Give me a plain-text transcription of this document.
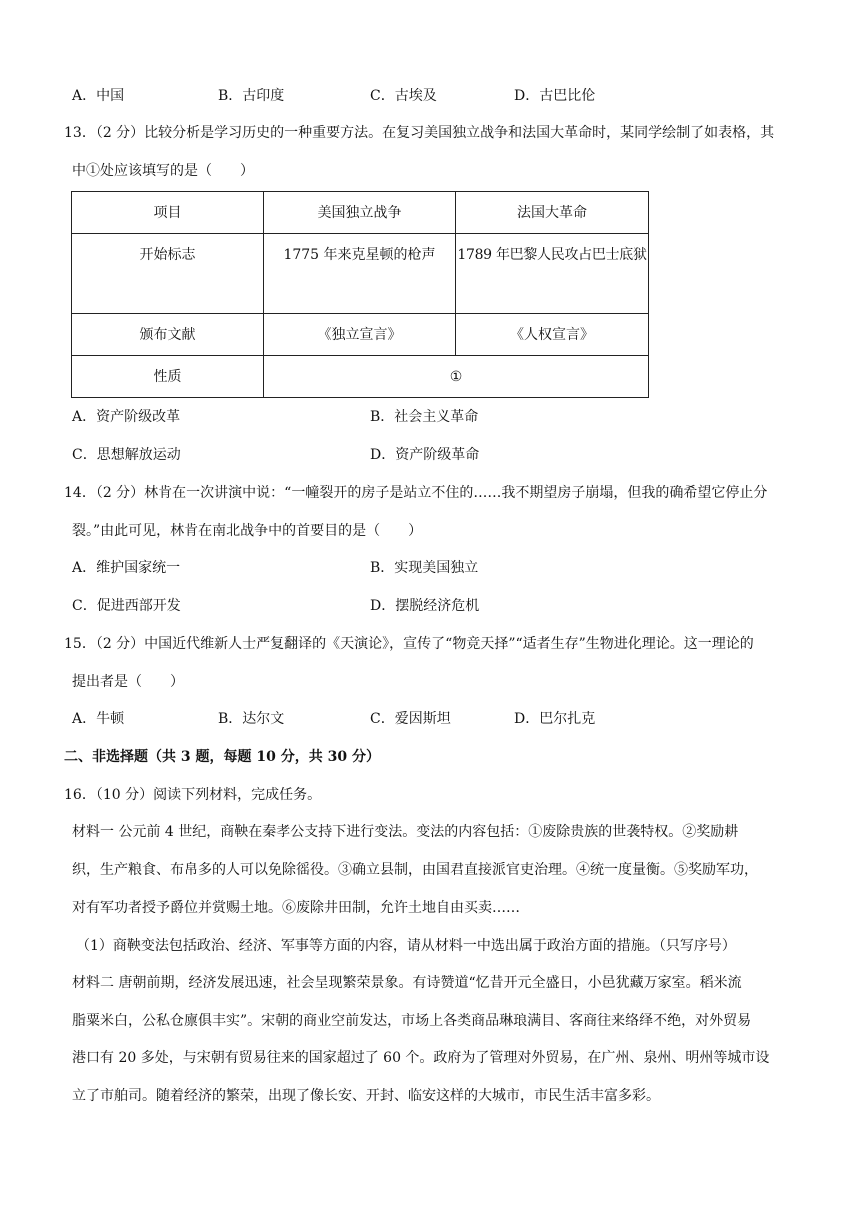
A．中国	B．古印度	C．古埃及	D．古巴比伦
13．（2 分）比较分析是学习历史的一种重要方法。在复习美国独立战争和法国大革命时，某同学绘制了如表格，其
中①处应该填写的是（　　）
项目	美国独立战争	法国大革命
开始标志	1775 年来克星顿的枪声	1789 年巴黎人民攻占巴士底狱
颁布文献	《独立宣言》	《人权宣言》
性质	①	
A．资产阶级改革	B．社会主义革命
C．思想解放运动	D．资产阶级革命
14．（2 分）林肯在一次讲演中说：“一幢裂开的房子是站立不住的……我不期望房子崩塌，但我的确希望它停止分
裂。”由此可见，林肯在南北战争中的首要目的是（　　）
A．维护国家统一	B．实现美国独立
C．促进西部开发	D．摆脱经济危机
15．（2 分）中国近代维新人士严复翻译的《天演论》，宣传了“物竞天择”“适者生存”生物进化理论。这一理论的
提出者是（　　）
A．牛顿	B．达尔文	C．爱因斯坦	D．巴尔扎克
二、非选择题（共 3 题，每题 10 分，共 30 分）
16．（10 分）阅读下列材料，完成任务。
材料一 公元前 4 世纪，商鞅在秦孝公支持下进行变法。变法的内容包括：①废除贵族的世袭特权。②奖励耕
织，生产粮食、布帛多的人可以免除徭役。③确立县制，由国君直接派官吏治理。④统一度量衡。⑤奖励军功，
对有军功者授予爵位并赏赐土地。⑥废除井田制，允许土地自由买卖……
（1）商鞅变法包括政治、经济、军事等方面的内容，请从材料一中选出属于政治方面的措施。（只写序号）
材料二 唐朝前期，经济发展迅速，社会呈现繁荣景象。有诗赞道“忆昔开元全盛日，小邑犹藏万家室。稻米流
脂粟米白，公私仓廪俱丰实”。宋朝的商业空前发达，市场上各类商品琳琅满目、客商往来络绎不绝，对外贸易
港口有 20 多处，与宋朝有贸易往来的国家超过了 60 个。政府为了管理对外贸易，在广州、泉州、明州等城市设
立了市舶司。随着经济的繁荣，出现了像长安、开封、临安这样的大城市，市民生活丰富多彩。
